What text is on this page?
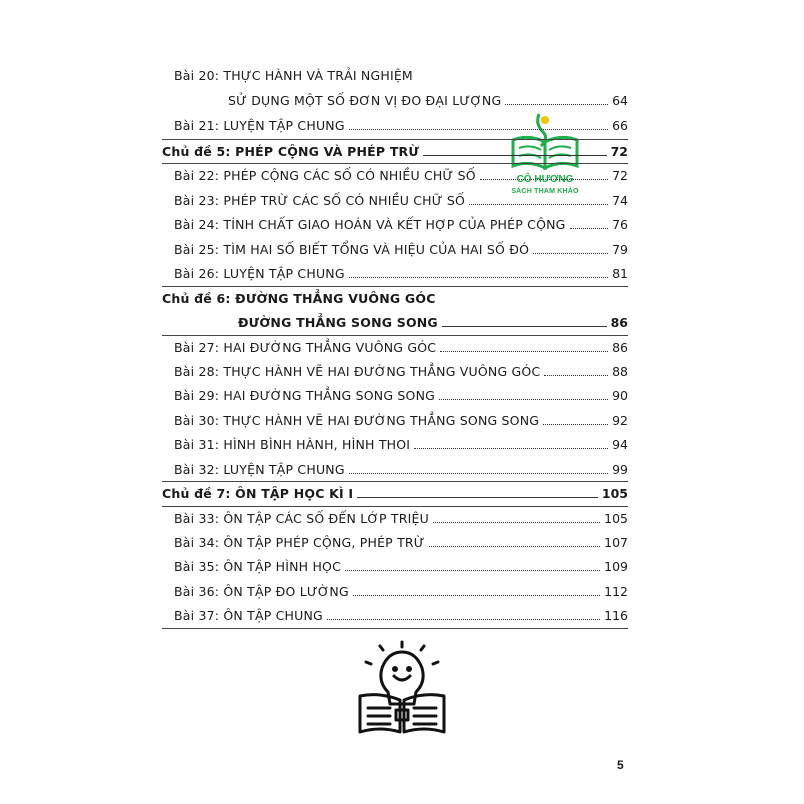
CÔ HƯƠNG
SÁCH THAM KHẢO
Bài 20: THỰC HÀNH VÀ TRẢI NGHIỆM
SỬ DỤNG MỘT SỐ ĐƠN VỊ ĐO ĐẠI LƯỢNG	64
Bài 21: LUYỆN TẬP CHUNG	66
Chủ đề 5: PHÉP CỘNG VÀ PHÉP TRỪ	72
Bài 22: PHÉP CỘNG CÁC SỐ CÓ NHIỀU CHỮ SỐ	72
Bài 23: PHÉP TRỪ CÁC SỐ CÓ NHIỀU CHỮ SỐ	74
Bài 24: TÍNH CHẤT GIAO HOÁN VÀ KẾT HỢP CỦA PHÉP CỘNG	76
Bài 25: TÌM HAI SỐ BIẾT TỔNG VÀ HIỆU CỦA HAI SỐ ĐÓ	79
Bài 26: LUYỆN TẬP CHUNG	81
Chủ đề 6: ĐƯỜNG THẲNG VUÔNG GÓC
ĐƯỜNG THẲNG SONG SONG	86
Bài 27: HAI ĐƯỜNG THẲNG VUÔNG GÓC	86
Bài 28: THỰC HÀNH VẼ HAI ĐƯỜNG THẲNG VUÔNG GÓC	88
Bài 29: HAI ĐƯỜNG THẲNG SONG SONG	90
Bài 30: THỰC HÀNH VẼ HAI ĐƯỜNG THẲNG SONG SONG	92
Bài 31: HÌNH BÌNH HÀNH, HÌNH THOI	94
Bài 32: LUYỆN TẬP CHUNG	99
Chủ đề 7: ÔN TẬP HỌC KÌ I	105
Bài 33: ÔN TẬP CÁC SỐ ĐẾN LỚP TRIỆU	105
Bài 34: ÔN TẬP PHÉP CỘNG, PHÉP TRỪ	107
Bài 35: ÔN TẬP HÌNH HỌC	109
Bài 36: ÔN TẬP ĐO LƯỜNG	112
Bài 37: ÔN TẬP CHUNG	116
5
